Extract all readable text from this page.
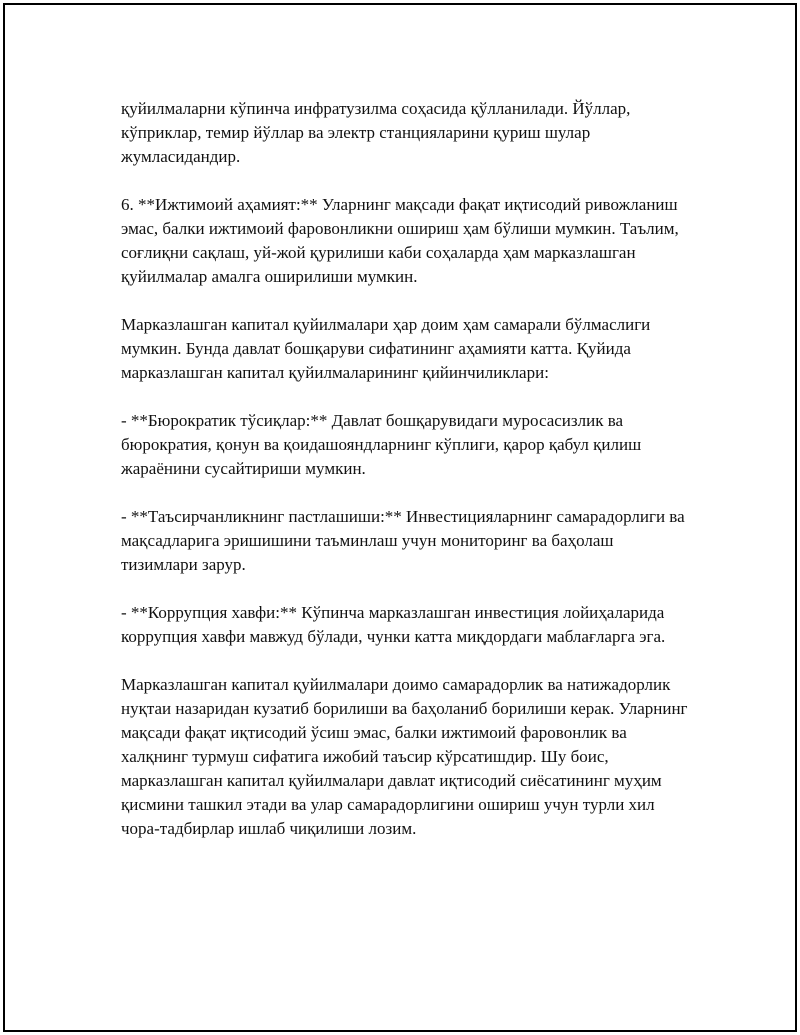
қуйилмаларни кўпинча инфратузилма соҳасида қўлланилади. Йўллар, кўприклар, темир йўллар ва электр станцияларини қуриш шулар жумласидандир.

6. **Ижтимоий аҳамият:** Уларнинг мақсади фақат иқтисодий ривожланиш эмас, балки ижтимоий фаровонликни ошириш ҳам бўлиши мумкин. Таълим, соғлиқни сақлаш, уй-жой қурилиши каби соҳаларда ҳам марказлашган қуйилмалар амалга оширилиши мумкин.

Марказлашган капитал қуйилмалари ҳар доим ҳам самарали бўлмаслиги мумкин. Бунда давлат бошқаруви сифатининг аҳамияти катта. Қуйида марказлашган капитал қуйилмаларининг қийинчиликлари:

- **Бюрократик тўсиқлар:** Давлат бошқарувидаги муросасизлик ва бюрократия, қонун ва қоидашояндларнинг кўплиги, қарор қабул қилиш жараёнини сусайтириши мумкин.

- **Таъсирчанликнинг пастлашиши:** Инвестицияларнинг самарадорлиги ва мақсадларига эришишини таъминлаш учун мониторинг ва баҳолаш тизимлари зарур.

- **Коррупция хавфи:** Кўпинча марказлашган инвестиция лойиҳаларида коррупция хавфи мавжуд бўлади, чунки катта миқдордаги маблағларга эга.

Марказлашган капитал қуйилмалари доимо самарадорлик ва натижадорлик нуқтаи назаридан кузатиб борилиши ва баҳоланиб борилиши керак. Уларнинг мақсади фақат иқтисодий ўсиш эмас, балки ижтимоий фаровонлик ва халқнинг турмуш сифатига ижобий таъсир кўрсатишдир. Шу боис, марказлашган капитал қуйилмалари давлат иқтисодий сиёсатининг муҳим қисмини ташкил этади ва улар самарадорлигини ошириш учун турли хил чора-тадбирлар ишлаб чиқилиши лозим.
